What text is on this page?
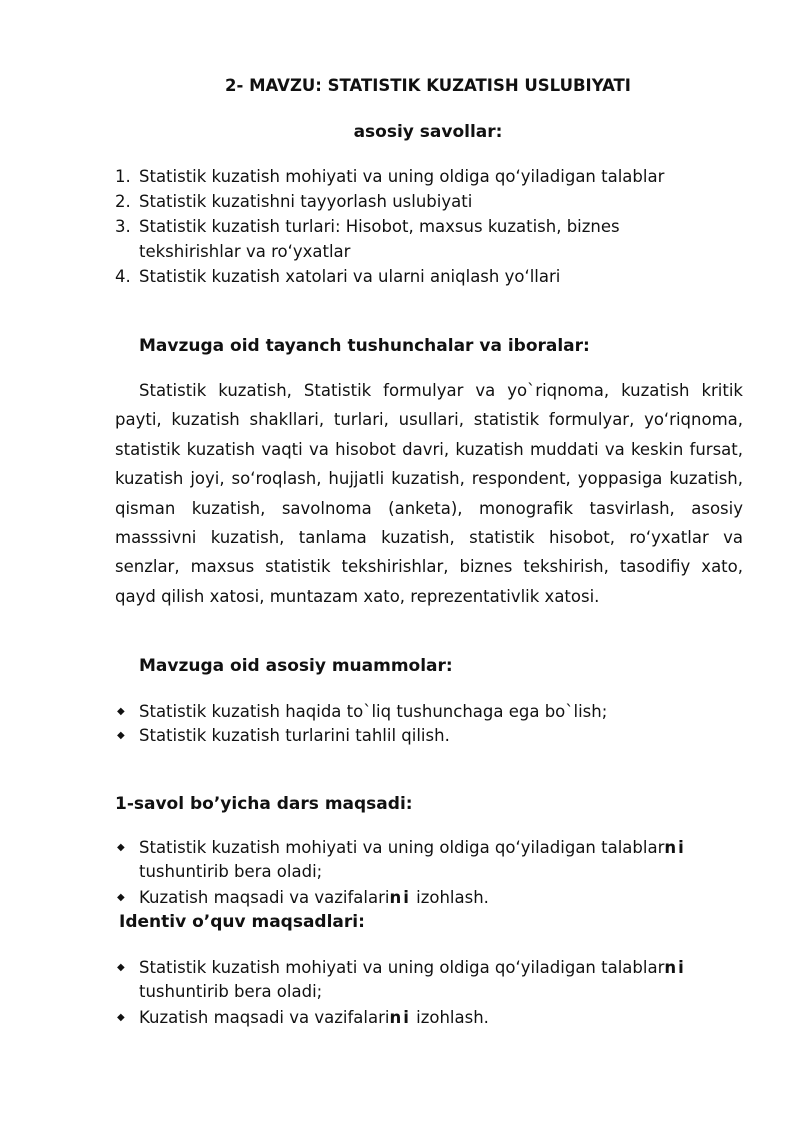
2- MAVZU: STATISTIK KUZATISH USLUBIYATI
asosiy savollar:
1. Statistik kuzatish mohiyati va uning oldiga qo‘yiladigan talablar
2. Statistik kuzatishni tayyorlash uslubiyati
3. Statistik kuzatish turlari: Hisobot, maxsus kuzatish, biznes tekshirishlar va ro‘yxatlar
4. Statistik kuzatish xatolari va ularni aniqlash yo‘llari
Mavzuga oid tayanch tushunchalar va iboralar:

Statistik kuzatish, Statistik formulyar va yo`riqnoma, kuzatish kritik payti, kuzatish shakllari, turlari, usullari, statistik formulyar, yo‘riqnoma, statistik kuzatish vaqti va hisobot davri, kuzatish muddati va keskin fursat, kuzatish joyi, so‘roqlash, hujjatli kuzatish, respondent, yoppasiga kuzatish, qisman kuzatish, savolnoma (anketa), monografik tasvirlash, asosiy masssivni kuzatish, tanlama kuzatish, statistik hisobot, ro‘yxatlar va senzlar, maxsus statistik tekshirishlar, biznes tekshirish, tasodifiy xato, qayd qilish xatosi, muntazam xato, reprezentativlik xatosi.

Mavzuga oid asosiy muammolar:
◆ Statistik kuzatish haqida to`liq tushunchaga ega bo`lish;
◆ Statistik kuzatish turlarini tahlil qilish.
1-savol bo’yicha dars maqsadi:
◆ Statistik kuzatish mohiyati va uning oldiga qo‘yiladigan talablarni tushuntirib bera oladi;
◆ Kuzatish maqsadi va vazifalarini izohlash.
Identiv o’quv maqsadlari:
◆ Statistik kuzatish mohiyati va uning oldiga qo‘yiladigan talablarni tushuntirib bera oladi;
◆ Kuzatish maqsadi va vazifalarini izohlash.
